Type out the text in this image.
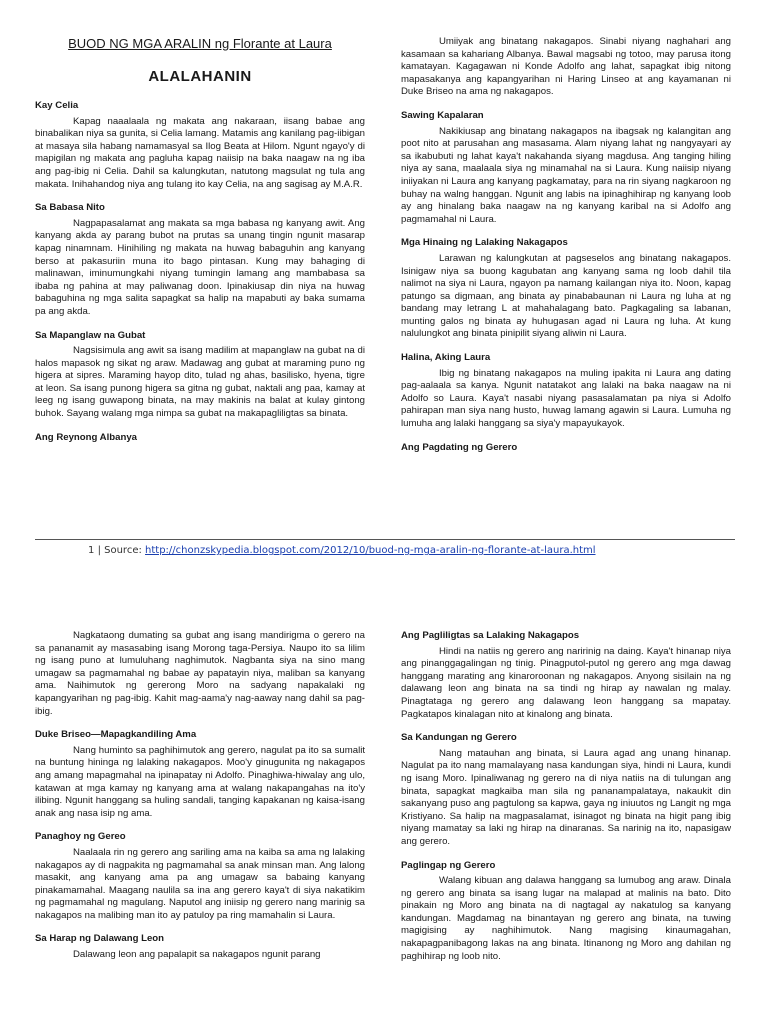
BUOD NG MGA ARALIN ng Florante at Laura
ALALAHANIN
Kay Celia

Kapag naaalaala ng makata ang nakaraan, iisang babae ang binabalikan niya sa gunita, si Celia lamang. Matamis ang kanilang pag-iibigan at masaya sila habang namamasyal sa Ilog Beata at Hilom. Ngunt ngayo'y di mapigilan ng makata ang pagluha kapag naiisip na baka naagaw na ng iba ang pag-ibig ni Celia. Dahil sa kalungkutan, natutong magsulat ng tula ang makata. Inihahandog niya ang tulang ito kay Celia, na ang sagisag ay M.A.R.

Sa Babasa Nito

Nagpapasalamat ang makata sa mga babasa ng kanyang awit. Ang kanyang akda ay parang bubot na prutas sa unang tingin ngunit masarap kapag ninamnam. Hinihiling ng makata na huwag babaguhin ang kanyang berso at pakasuriin muna ito bago pintasan. Kung may bahaging di malinawan, iminumungkahi niyang tumingin lamang ang mambabasa sa ibaba ng pahina at may paliwanag doon. Ipinakiusap din niya na huwag babaguhina ng mga salita sapagkat sa halip na mapabuti ay baka sumama pa ang akda.

Sa Mapanglaw na Gubat

Nagsisimula ang awit sa isang madilim at mapanglaw na gubat na di halos mapasok ng sikat ng araw. Madawag ang gubat at maraming puno ng higera at sipres. Maraming hayop dito, tulad ng ahas, basilisko, hyena, tigre at leon. Sa isang punong higera sa gitna ng gubat, naktali ang paa, kamay at leeg ng isang guwapong binata, na may makinis na balat at kulay gintong buhok. Sayang walang mga nimpa sa gubat na makapagliligtas sa binata.

Ang Reynong Albanya

Umiiyak ang binatang nakagapos. Sinabi niyang naghahari ang kasamaan sa kahariang Albanya. Bawal magsabi ng totoo, may parusa itong kamatayan. Kagagawan ni Konde Adolfo ang lahat, sapagkat ibig nitong mapasakanya ang kapangyarihan ni Haring Linseo at ang kayamanan ni Duke Briseo na ama ng nakagapos.

Sawing Kapalaran

Nakikiusap ang binatang nakagapos na ibagsak ng kalangitan ang poot nito at parusahan ang masasama. Alam niyang lahat ng nangyayari ay sa ikabubuti ng lahat kaya't nakahanda siyang magdusa. Ang tanging hiling niya ay sana, maalaala siya ng minamahal na si Laura. Kung naiisip niyang iniiyakan ni Laura ang kanyang pagkamatay, para na rin siyang nagkaroon ng buhay na walng hanggan. Ngunit ang labis na ipinaghihirap ng kanyang loob ay ang hinalang baka naagaw na ng kanyang karibal na si Adolfo ang pagmamahal ni Laura.

Mga Hinaing ng Lalaking Nakagapos

Larawan ng kalungkutan at pagseselos ang binatang nakagapos. Isinigaw niya sa buong kagubatan ang kanyang sama ng loob dahil tila nalimot na siya ni Laura, ngayon pa namang kailangan niya ito. Noon, kapag patungo sa digmaan, ang binata ay pinababaunan ni Laura ng luha at ng bandang may letrang L at mahahalagang bato. Pagkagaling sa labanan, munting galos ng binata ay huhugasan agad ni Laura ng luha. At kung nalulungkot ang binata pinipilit siyang aliwin ni Laura.

Halina, Aking Laura

Ibig ng binatang nakagapos na muling ipakita ni Laura ang dating pag-aalaala sa kanya. Ngunit natatakot ang lalaki na baka naagaw na ni Adolfo so Laura. Kaya't nasabi niyang pasasalamatan pa niya si Adolfo pahirapan man siya nang husto, huwag lamang agawin si Laura. Lumuha ng lumuha ang lalaki hanggang sa siya'y mapayukayok.

Ang Pagdating ng Gerero
1 | Source: http://chonzskypedia.blogspot.com/2012/10/buod-ng-mga-aralin-ng-florante-at-laura.html

Nagkataong dumating sa gubat ang isang mandirigma o gerero na sa pananamit ay masasabing isang Morong taga-Persiya. Naupo ito sa lilim ng isang puno at lumuluhang naghimutok. Nagbanta siya na sino mang umagaw sa pagmamahal ng babae ay papatayin niya, maliban sa kanyang ama. Naihimutok ng gererong Moro na sadyang napakalaki ng kapangyarihan ng pag-ibig. Kahit mag-aama'y nag-aaway nang dahil sa pag-ibig.

Duke Briseo—Mapagkandiling Ama

Nang huminto sa paghihimutok ang gerero, nagulat pa ito sa sumalit na buntung hininga ng lalaking nakagapos. Moo'y ginugunita ng nakagapos ang amang mapagmahal na ipinapatay ni Adolfo. Pinaghiwa-hiwalay ang ulo, katawan at mga kamay ng kanyang ama at walang nakapangahas na ito'y ilibing. Ngunit hanggang sa huling sandali, tanging kapakanan ng kaisa-isang anak ang nasa isip ng ama.

Panaghoy ng Gereo

Naalaala rin ng gerero ang sariling ama na kaiba sa ama ng lalaking nakagapos ay di nagpakita ng pagmamahal sa anak minsan man. Ang lalong masakit, ang kanyang ama pa ang umagaw sa babaing kanyang pinakamamahal. Maagang naulila sa ina ang gerero kaya't di siya nakatikim ng pagmamahal ng magulang. Naputol ang iniisip ng gerero nang marinig sa nakagapos na malibing man ito ay patuloy pa ring mamahalin si Laura.

Sa Harap ng Dalawang Leon

Dalawang leon ang papalapit sa nakagapos ngunit parang

Ang Pagliligtas sa Lalaking Nakagapos

Hindi na natiis ng gerero ang naririnig na daing. Kaya't hinanap niya ang pinanggagalingan ng tinig. Pinagputol-putol ng gerero ang mga dawag hanggang marating ang kinaroroonan ng nakagapos. Anyong sisilain na ng dalawang leon ang binata na sa tindi ng hirap ay nawalan ng malay. Pinagtataga ng gerero ang dalawang leon hanggang sa mapatay. Pagkatapos kinalagan nito at kinalong ang binata.

Sa Kandungan ng Gerero

Nang matauhan ang binata, si Laura agad ang unang hinanap. Nagulat pa ito nang mamalayang nasa kandungan siya, hindi ni Laura, kundi ng isang Moro. Ipinaliwanag ng gerero na di niya natiis na di tulungan ang binata, sapagkat magkaiba man sila ng pananampalataya, nakaukit din sakanyang puso ang pagtulong sa kapwa, gaya ng iniuutos ng Langit ng mga Kristiyano. Sa halip na magpasalamat, isinagot ng binata na higit pang ibig niyang mamatay sa laki ng hirap na dinaranas. Sa narinig na ito, napasigaw ang gerero.

Paglingap ng Gerero

Walang kibuan ang dalawa hanggang sa lumubog ang araw. Dinala ng gerero ang binata sa isang lugar na malapad at malinis na bato. Dito pinakain ng Moro ang binata na di nagtagal ay nakatulog sa kanyang kandungan. Magdamag na binantayan ng gerero ang binata, na tuwing magigising ay naghihimutok. Nang magising kinaumagahan, nakapagpanibagong lakas na ang binata. Itinanong ng Moro ang dahilan ng paghihirap ng loob nito.
